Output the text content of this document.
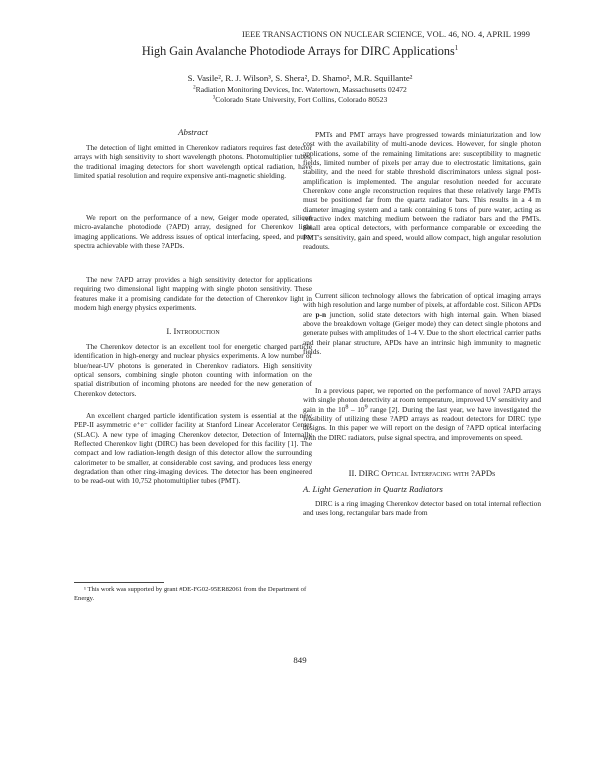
IEEE TRANSACTIONS ON NUCLEAR SCIENCE, VOL. 46, NO. 4, APRIL 1999
High Gain Avalanche Photodiode Arrays for DIRC Applications$^1$
S. Vasile², R. J. Wilson³, S. Shera², D. Shamo², M.R. Squillante²
$^2$Radiation Monitoring Devices, Inc. Watertown, Massachusetts 02472
$^3$Colorado State University, Fort Collins, Colorado 80523
Abstract

The detection of light emitted in Cherenkov radiators requires fast detector arrays with high sensitivity to short wavelength photons. Photomultiplier tubes, the traditional imaging detectors for short wavelength optical radiation, have limited spatial resolution and require expensive anti-magnetic shielding.

We report on the performance of a new, Geiger mode operated, silicon micro-avalanche photodiode (?APD) array, designed for Cherenkov light imaging applications. We address issues of optical interfacing, speed, and pulse spectra achievable with these ?APDs.

The new ?APD array provides a high sensitivity detector for applications requiring two dimensional light mapping with single photon sensitivity. These features make it a promising candidate for the detection of Cherenkov light in modern high energy physics experiments.

I. Introduction

The Cherenkov detector is an excellent tool for energetic charged particle identification in high-energy and nuclear physics experiments. A low number of blue/near-UV photons is generated in Cherenkov radiators. High sensitivity optical sensors, combining single photon counting with information on the spatial distribution of incoming photons are needed for the new generation of Cherenkov detectors.

An excellent charged particle identification system is essential at the new PEP-II asymmetric e⁺e⁻ collider facility at Stanford Linear Accelerator Center (SLAC). A new type of imaging Cherenkov detector, Detection of Internally Reflected Cherenkov light (DIRC) has been developed for this facility [1]. The compact and low radiation-length design of this detector allow the surrounding calorimeter to be smaller, at considerable cost saving, and produces less energy degradation than other ring-imaging devices. The detector has been engineered to be read-out with 10,752 photomultiplier tubes (PMT).

¹ This work was supported by grant #DE-FG02-95ER82061 from the Department of Energy.

PMTs and PMT arrays have progressed towards miniaturization and low cost with the availability of multi-anode devices. However, for single photon applications, some of the remaining limitations are: susceptibility to magnetic fields, limited number of pixels per array due to electrostatic limitations, gain stability, and the need for stable threshold discriminators unless signal post-amplification is implemented. The angular resolution needed for accurate Cherenkov cone angle reconstruction requires that these relatively large PMTs must be positioned far from the quartz radiator bars. This results in a 4 m diameter imaging system and a tank containing 6 tons of pure water, acting as refractive index matching medium between the radiator bars and the PMTs. Small area optical detectors, with performance comparable or exceeding the PMT's sensitivity, gain and speed, would allow compact, high angular resolution readouts.

Current silicon technology allows the fabrication of optical imaging arrays with high resolution and large number of pixels, at affordable cost. Silicon APDs are p-n junction, solid state detectors with high internal gain. When biased above the breakdown voltage (Geiger mode) they can detect single photons and generate pulses with amplitudes of 1-4 V. Due to the short electrical carrier paths and their planar structure, APDs have an intrinsic high immunity to magnetic fields.

In a previous paper, we reported on the performance of novel ?APD arrays with single photon detectivity at room temperature, improved UV sensitivity and gain in the $10^8 - 10^9$ range [2]. During the last year, we have investigated the feasibility of utilizing these ?APD arrays as readout detectors for DIRC type designs. In this paper we will report on the design of ?APD optical interfacing with the DIRC radiators, pulse signal spectra, and improvements on speed.

II. DIRC Optical Interfacing with ?APDs
A. Light Generation in Quartz Radiators

DIRC is a ring imaging Cherenkov detector based on total internal reflection and uses long, rectangular bars made from

849
